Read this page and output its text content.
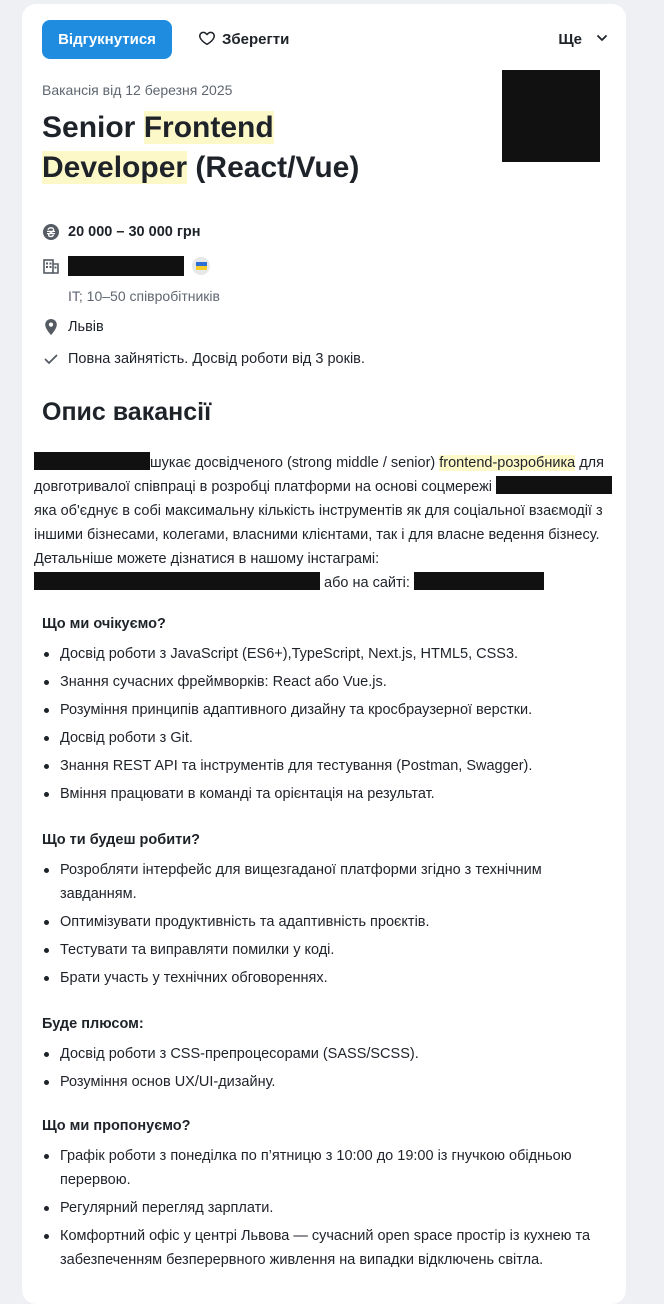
Відгукнутися	Зберегти	Ще
Вакансія від 12 березня 2025
Senior Frontend
Developer (React/Vue)
20 000 – 30 000 грн
IT; 10–50 співробітників
Львів
Повна зайнятість. Досвід роботи від 3 років.
Опис вакансії

шукає досвідченого (strong middle / senior) frontend-розробника для довготривалої співпраці в розробці платформи на основі соцмережі  яка об'єднує в собі максимальну кількість інструментів як для соціальної взаємодії з іншими бізнесами, колегами, власними клієнтами, так і для власне ведення бізнесу. Детальніше можете дізнатися в нашому інстаграмі:  або на сайті:

Що ми очікуємо?
Досвід роботи з JavaScript (ES6+),TypeScript, Next.js, HTML5, CSS3.
Знання сучасних фреймворків: React або Vue.js.
Розуміння принципів адаптивного дизайну та кросбраузерної верстки.
Досвід роботи з Git.
Знання REST API та інструментів для тестування (Postman, Swagger).
Вміння працювати в команді та орієнтація на результат.
Що ти будеш робити?
Розробляти інтерфейс для вищезгаданої платформи згідно з технічним завданням.
Оптимізувати продуктивність та адаптивність проєктів.
Тестувати та виправляти помилки у коді.
Брати участь у технічних обговореннях.
Буде плюсом:
Досвід роботи з CSS-препроцесорами (SASS/SCSS).
Розуміння основ UX/UI-дизайну.
Що ми пропонуємо?
Графік роботи з понеділка по п’ятницю з 10:00 до 19:00 із гнучкою обідньою перервою.
Регулярний перегляд зарплати.
Комфортний офіс у центрі Львова — сучасний open space простір із кухнею та забезпеченням безперервного живлення на випадки відключень світла.
